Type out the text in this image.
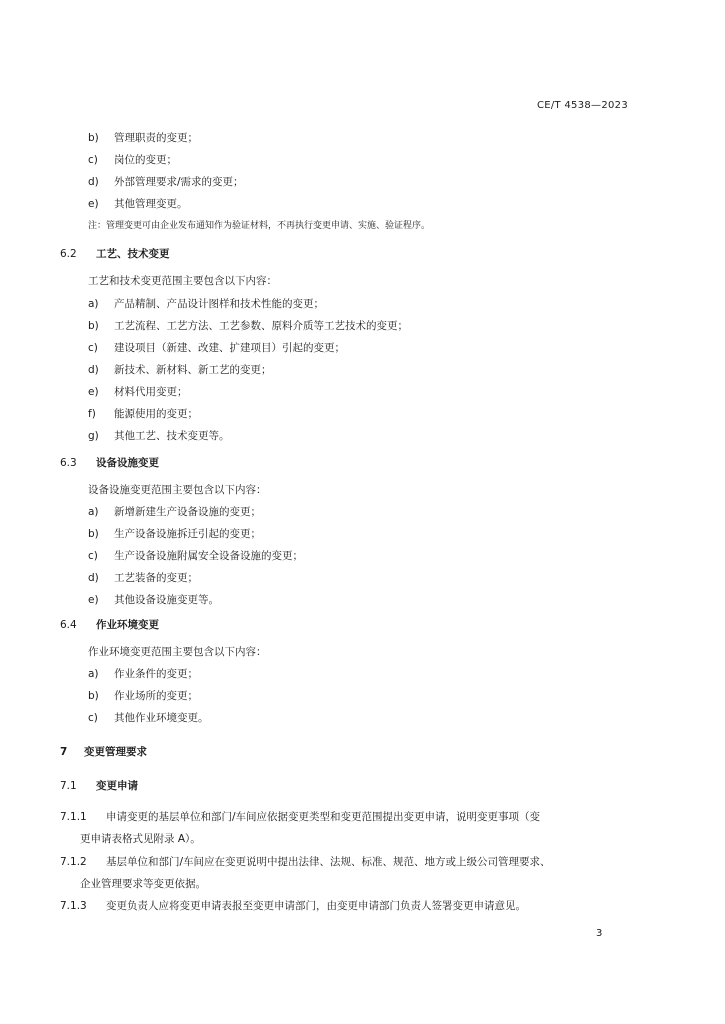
CE/T 4538—2023
b) 管理职责的变更；
c) 岗位的变更；
d) 外部管理要求/需求的变更；
e) 其他管理变更。
注：管理变更可由企业发布通知作为验证材料，不再执行变更申请、实施、验证程序。
6.2 工艺、技术变更
工艺和技术变更范围主要包含以下内容：
a) 产品精制、产品设计图样和技术性能的变更；
b) 工艺流程、工艺方法、工艺参数、原料介质等工艺技术的变更；
c) 建设项目（新建、改建、扩建项目）引起的变更；
d) 新技术、新材料、新工艺的变更；
e) 材料代用变更；
f) 能源使用的变更；
g) 其他工艺、技术变更等。
6.3 设备设施变更
设备设施变更范围主要包含以下内容：
a) 新增新建生产设备设施的变更；
b) 生产设备设施拆迁引起的变更；
c) 生产设备设施附属安全设备设施的变更；
d) 工艺装备的变更；
e) 其他设备设施变更等。
6.4 作业环境变更
作业环境变更范围主要包含以下内容：
a) 作业条件的变更；
b) 作业场所的变更；
c) 其他作业环境变更。
7 变更管理要求
7.1 变更申请
7.1.1 申请变更的基层单位和部门/车间应依据变更类型和变更范围提出变更申请，说明变更事项（变
更申请表格式见附录 A）。
7.1.2 基层单位和部门/车间应在变更说明中提出法律、法规、标准、规范、地方或上级公司管理要求、
企业管理要求等变更依据。
7.1.3 变更负责人应将变更申请表报至变更申请部门，由变更申请部门负责人签署变更申请意见。
3
